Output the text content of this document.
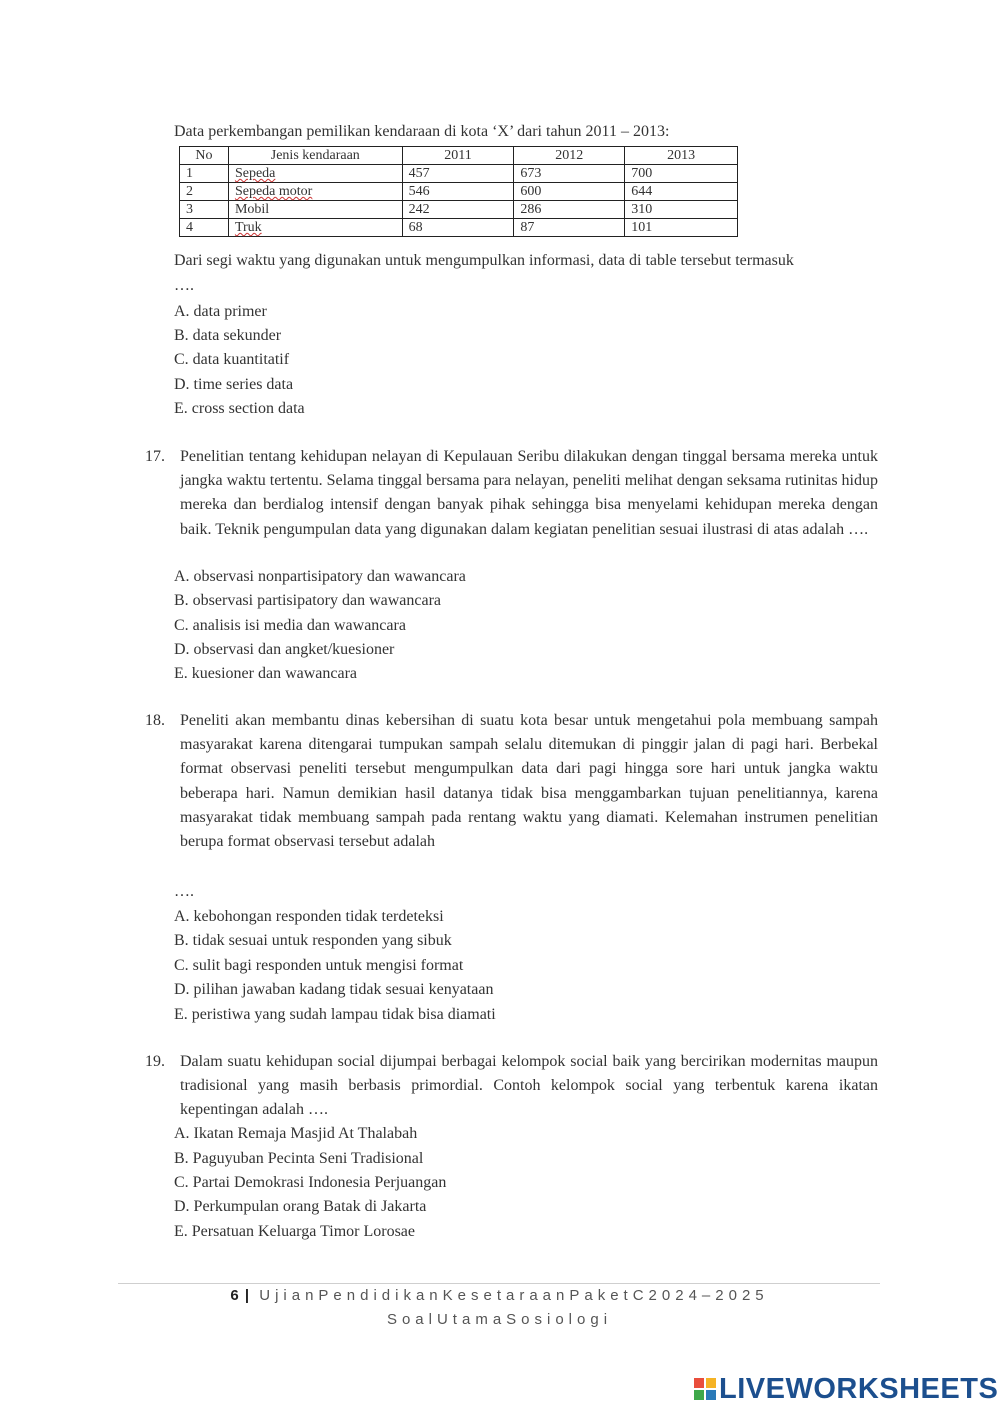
Data perkembangan pemilikan kendaraan di kota ‘X’ dari tahun 2011 – 2013:
No	Jenis kendaraan	2011	2012	2013
1	Sepeda	457	673	700
2	Sepeda motor	546	600	644
3	Mobil	242	286	310
4	Truk	68	87	101
Dari segi waktu yang digunakan untuk mengumpulkan informasi, data di table tersebut termasuk
….
A. data primer
B. data sekunder
C. data kuantitatif
D. time series data
E. cross section data
17. Penelitian tentang kehidupan nelayan di Kepulauan Seribu dilakukan dengan tinggal bersama mereka untuk jangka waktu tertentu. Selama tinggal bersama para nelayan, peneliti melihat dengan seksama rutinitas hidup mereka dan berdialog intensif dengan banyak pihak sehingga bisa menyelami kehidupan mereka dengan baik. Teknik pengumpulan data yang digunakan dalam kegiatan penelitian sesuai ilustrasi di atas adalah ….
A. observasi nonpartisipatory dan wawancara
B. observasi partisipatory dan wawancara
C. analisis isi media dan wawancara
D. observasi dan angket/kuesioner
E. kuesioner dan wawancara
18. Peneliti akan membantu dinas kebersihan di suatu kota besar untuk mengetahui pola membuang sampah masyarakat karena ditengarai tumpukan sampah selalu ditemukan di pinggir jalan di pagi hari. Berbekal format observasi peneliti tersebut mengumpulkan data dari pagi hingga sore hari untuk jangka waktu beberapa hari. Namun demikian hasil datanya tidak bisa menggambarkan tujuan penelitiannya, karena masyarakat tidak membuang sampah pada rentang waktu yang diamati. Kelemahan instrumen penelitian berupa format observasi tersebut adalah
….
A. kebohongan responden tidak terdeteksi
B. tidak sesuai untuk responden yang sibuk
C. sulit bagi responden untuk mengisi format
D. pilihan jawaban kadang tidak sesuai kenyataan
E. peristiwa yang sudah lampau tidak bisa diamati
19. Dalam suatu kehidupan social dijumpai berbagai kelompok social baik yang bercirikan modernitas maupun tradisional yang masih berbasis primordial. Contoh kelompok social yang terbentuk karena ikatan kepentingan adalah ….
A. Ikatan Remaja Masjid At Thalabah
B. Paguyuban Pecinta Seni Tradisional
C. Partai Demokrasi Indonesia Perjuangan
D. Perkumpulan orang Batak di Jakarta
E. Persatuan Keluarga Timor Lorosae
6 | UjianPendidikanKesetaraanPaketC2024–2025
SoalUtamaSosiologi
LIVEWORKSHEETS
